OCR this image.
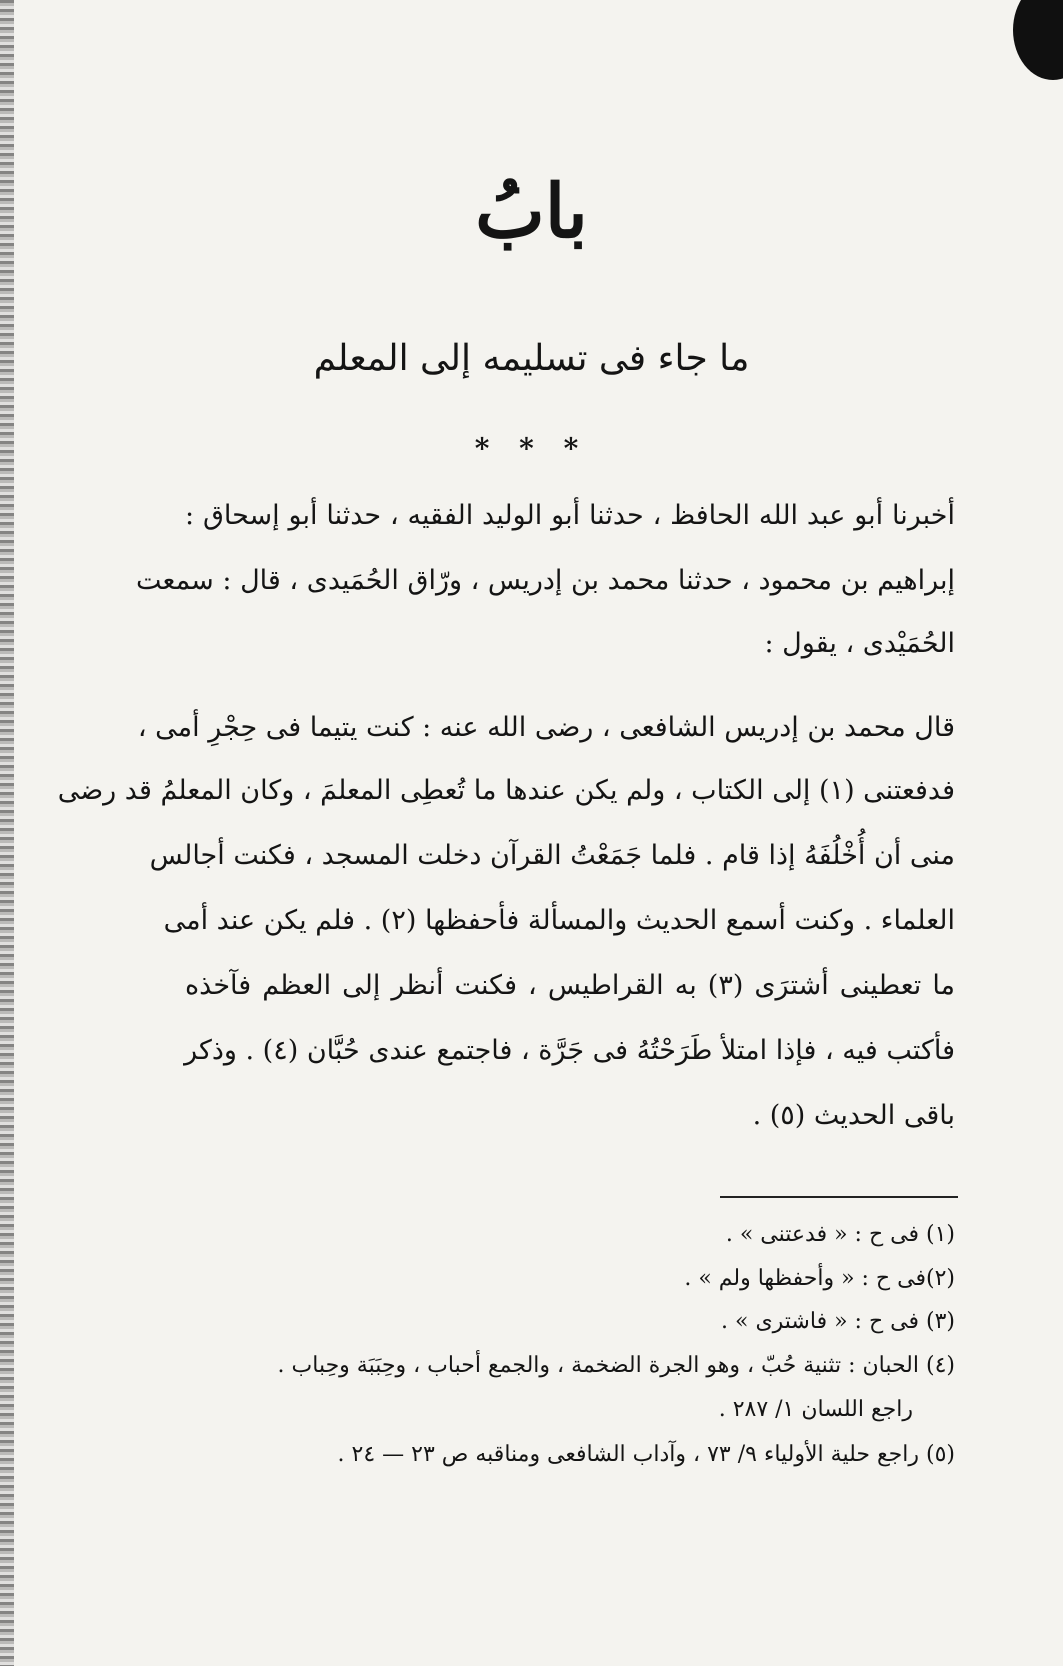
بابُ
ما جاء فى تسليمه إلى المعلم
* * *
أخبرنا أبو عبد الله الحافظ ، حدثنا أبو الوليد الفقيه ، حدثنا أبو إسحاق :
إبراهيم بن محمود ، حدثنا محمد بن إدريس ، ورّاق الحُمَيدى ، قال : سمعت
الحُمَيْدى ، يقول :
قال محمد بن إدريس الشافعى ، رضى الله عنه : كنت يتيما فى حِجْرِ أمى ،
فدفعتنى (١) إلى الكتاب ، ولم يكن عندها ما تُعطِى المعلمَ ، وكان المعلمُ قد رضى
منى أن أُخْلُفَهُ إذا قام . فلما جَمَعْتُ القرآن دخلت المسجد ، فكنت أجالس
العلماء . وكنت أسمع الحديث والمسألة فأحفظها (٢) . فلم يكن عند أمى
ما تعطينى أشترَى (٣) به القراطيس ، فكنت أنظر إلى العظم فآخذه
فأكتب فيه ، فإذا امتلأ طَرَحْتُهُ فى جَرَّة ، فاجتمع عندى حُبَّان (٤) . وذكر
باقى الحديث (٥) .
(١) فى ح : « فدعتنى » .
(٢)فى ح : « وأحفظها ولم » .
(٣) فى ح : « فاشترى » .
(٤) الحبان : تثنية حُبّ ، وهو الجرة الضخمة ، والجمع أحباب ، وحِبَبَة وحِباب .
راجع اللسان ١/ ٢٨٧ .
(٥) راجع حلية الأولياء ٩/ ٧٣ ، وآداب الشافعى ومناقبه ص ٢٣ — ٢٤ .
